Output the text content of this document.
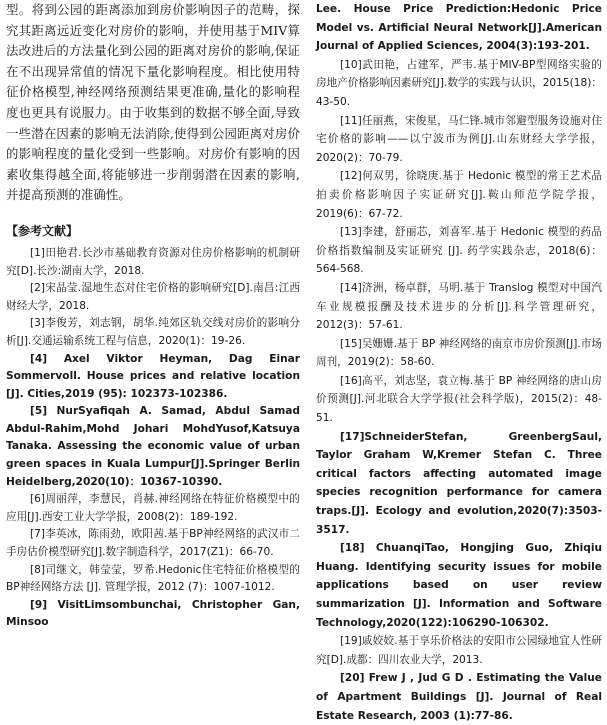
型。将到公园的距离添加到房价影响因子的范畴，探究其距离远近变化对房价的影响，并使用基于MIV算法改进后的方法量化到公园的距离对房价的影响,保证在不出现异常值的情况下量化影响程度。相比使用特征价格模型,神经网络预测结果更准确,量化的影响程度也更具有说服力。由于收集到的数据不够全面,导致一些潜在因素的影响无法消除,使得到公园距离对房价的影响程度的量化受到一些影响。对房价有影响的因素收集得越全面,将能够进一步削弱潜在因素的影响,并提高预测的准确性。

【参考文献】
[1]田艳君.长沙市基础教育资源对住房价格影响的机制研究[D].长沙:湖南大学，2018.
[2]宋晶莹.湿地生态对住宅价格的影响研究[D].南昌:江西财经大学，2018.
[3]李俊芳，刘志钢，胡华.纯郊区轨交线对房价的影响分析[J].交通运输系统工程与信息，2020(1)：19-26.
[4] Axel Viktor Heyman, Dag Einar Sommervoll. House prices and relative location [J]. Cities,2019 (95): 102373-102386.
[5] NurSyafiqah A. Samad, Abdul Samad Abdul-Rahim,Mohd Johari MohdYusof,Katsuya Tanaka. Assessing the economic value of urban green spaces in Kuala Lumpur[J].Springer Berlin Heidelberg,2020(10)：10367-10390.
[6]周丽萍，李慧民，肖赫.神经网络在特征价格模型中的应用[J].西安工业大学学报，2008(2)：189-192.
[7]李英冰，陈雨劲，欧阳茜.基于BP神经网络的武汉市二手房估价模型研究[J].数字制造科学，2017(Z1)：66-70.
[8]司继文，韩莹莹，罗希.Hedonic住宅特征价格模型的BP神经网络方法 [J]. 管理学报，2012 (7)：1007-1012.
[9] VisitLimsombunchai, Christopher Gan, Minsoo
Lee. House Price Prediction:Hedonic Price Model vs. Artificial Neural Network[J].American Journal of Applied Sciences, 2004(3):193-201.
[10]武田艳，占建军，严韦.基于MIV-BP型网络实验的房地产价格影响因素研究[J].数学的实践与认识，2015(18)：43-50.
[11]任丽燕，宋俊星，马仁锋.城市邻避型服务设施对住宅价格的影响——以宁波市为例[J].山东财经大学学报，2020(2)：70-79.
[12]何双男，徐晓庚.基于 Hedonic 模型的常王艺术品拍卖价格影响因子实证研究[J].鞍山师范学院学报，2019(6)：67-72.
[13]李建，舒丽芯，刘喜军.基于 Hedonic 模型的药品价格指数编制及实证研究 [J]. 药学实践杂志，2018(6)：564-568.
[14]济洲，杨卓群，马明.基于 Translog 模型对中国汽车业规模报酬及技术进步的分析[J].科学管理研究，2012(3)：57-61.
[15]吴姗姗.基于 BP 神经网络的南京市房价预测[J].市场周刊，2019(2)：58-60.
[16]高平，刘志坚，袁立梅.基于 BP 神经网络的唐山房价预测[J].河北联合大学学报(社会科学版)，2015(2)：48-51.
[17]SchneiderStefan, GreenbergSaul, Taylor Graham W,Kremer Stefan C. Three critical factors affecting automated image species recognition performance for camera traps.[J]. Ecology and evolution,2020(7):3503-3517.
[18] ChuanqiTao, Hongjing Guo, Zhiqiu Huang. Identifying security issues for mobile applications based on user review summarization [J]. Information and Software Technology,2020(122):106290-106302.
[19]戚姣姣.基于享乐价格法的安阳市公园绿地宜人性研究[D].成都：四川农业大学，2013.
[20] Frew J , Jud G D . Estimating the Value of Apartment Buildings [J]. Journal of Real Estate Research, 2003 (1):77-86.
